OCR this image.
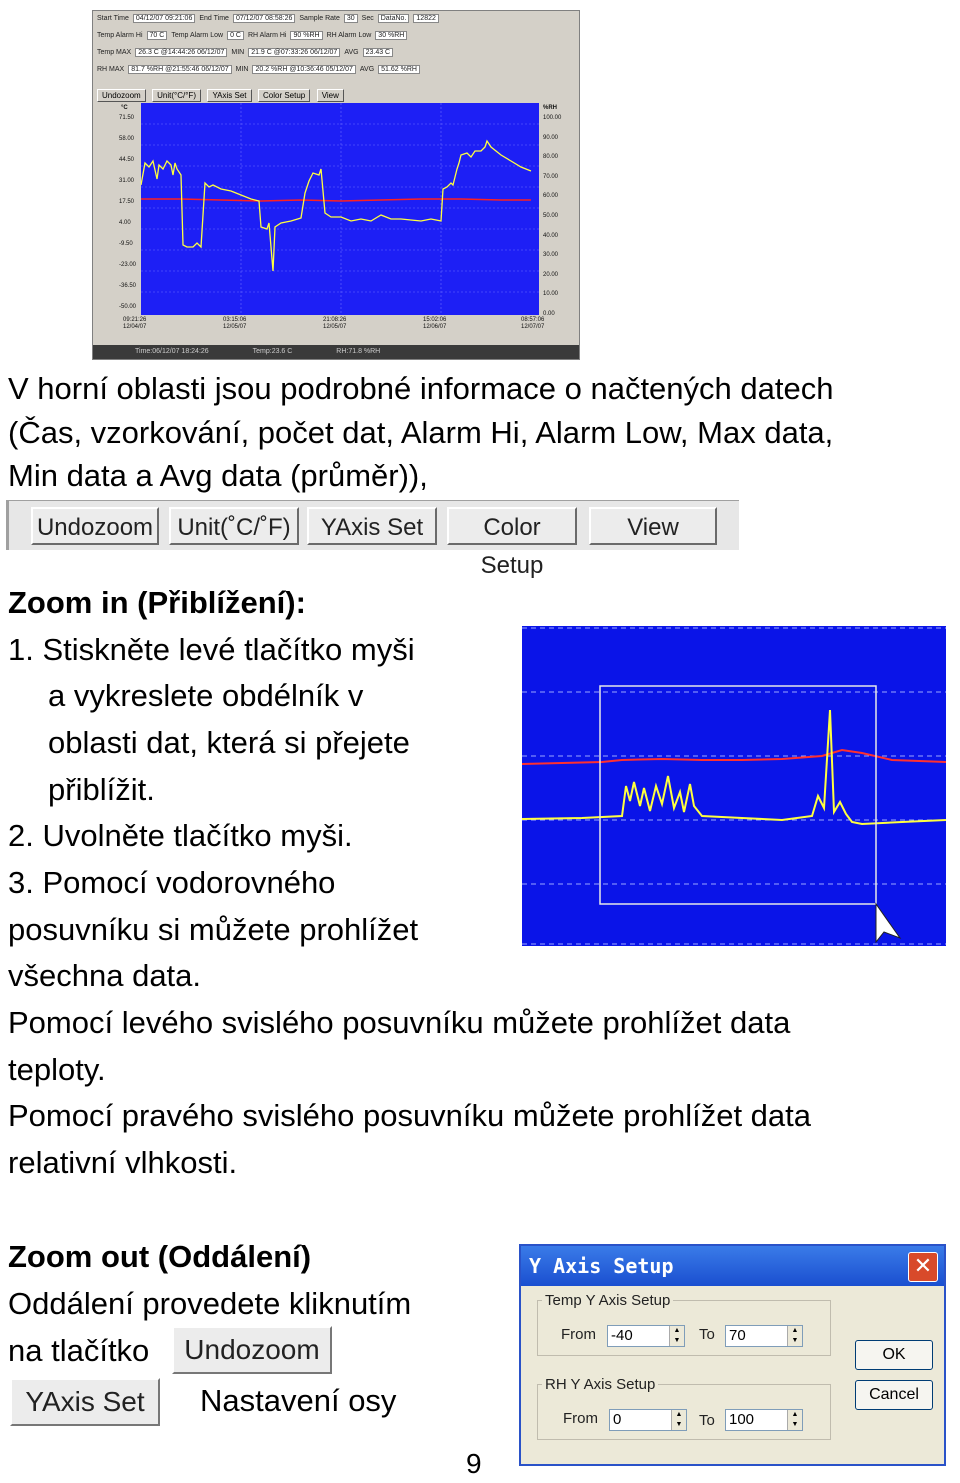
Start Time 04/12/07 09:21:06 End Time 07/12/07 08:58:26 Sample Rate 30 Sec DataNo. 12822
Temp Alarm Hi 70 C Temp Alarm Low 0 C RH Alarm Hi 90 %RH RH Alarm Low 30 %RH
Temp MAX 26.3 C @14:44:26 06/12/07 MIN 21.9 C @07:33:26 06/12/07 AVG 23.43 C
RH MAX 81.7 %RH @21:55:46 06/12/07 MIN 20.2 %RH @10:36:46 05/12/07 AVG 51.62 %RH
Undozoom Unit(°C/°F) YAxis Set Color Setup View
°C	%RH
71.50
58.00
44.50
31.00
17.50
4.00
-9.50
-23.00
-36.50
-50.00
100.00
90.00
80.00
70.00
60.00
50.00
40.00
30.00
20.00
10.00
0.00
09:21:26
12/04/07
03:15:06
12/05/07
21:08:26
12/05/07
15:02:06
12/06/07
08:57:06
12/07/07
Time:06/12/07 18:24:26	Temp:23.6 C	RH:71.8 %RH
V horní oblasti jsou podrobné informace o načtených datech
(Čas, vzorkování, počet dat, Alarm Hi, Alarm Low, Max data,
Min data a Avg data (průměr)),
Undozoom	Unit(˚C/˚F)	YAxis Set	Color Setup
View
Zoom in (Přiblížení):
1. Stiskněte levé tlačítko myši
a vykreslete obdélník v
oblasti dat, která si přejete
přiblížit.
2. Uvolněte tlačítko myši.
3. Pomocí vodorovného
posuvníku si můžete prohlížet
všechna data.
Pomocí levého svislého posuvníku můžete prohlížet data
teploty.
Pomocí pravého svislého posuvníku můžete prohlížet data
relativní vlhkosti.
Zoom out (Oddálení)
Oddálení provedete kliknutím
na tlačítko	Undozoom
YAxis Set	Nastavení osy
Y Axis Setup	✕
Temp Y Axis Setup
From -40	▲
▼ To 70	▲
▼
RH Y Axis Setup
From 0	▲
▼ To 100	▲
▼
OK
Cancel
9
